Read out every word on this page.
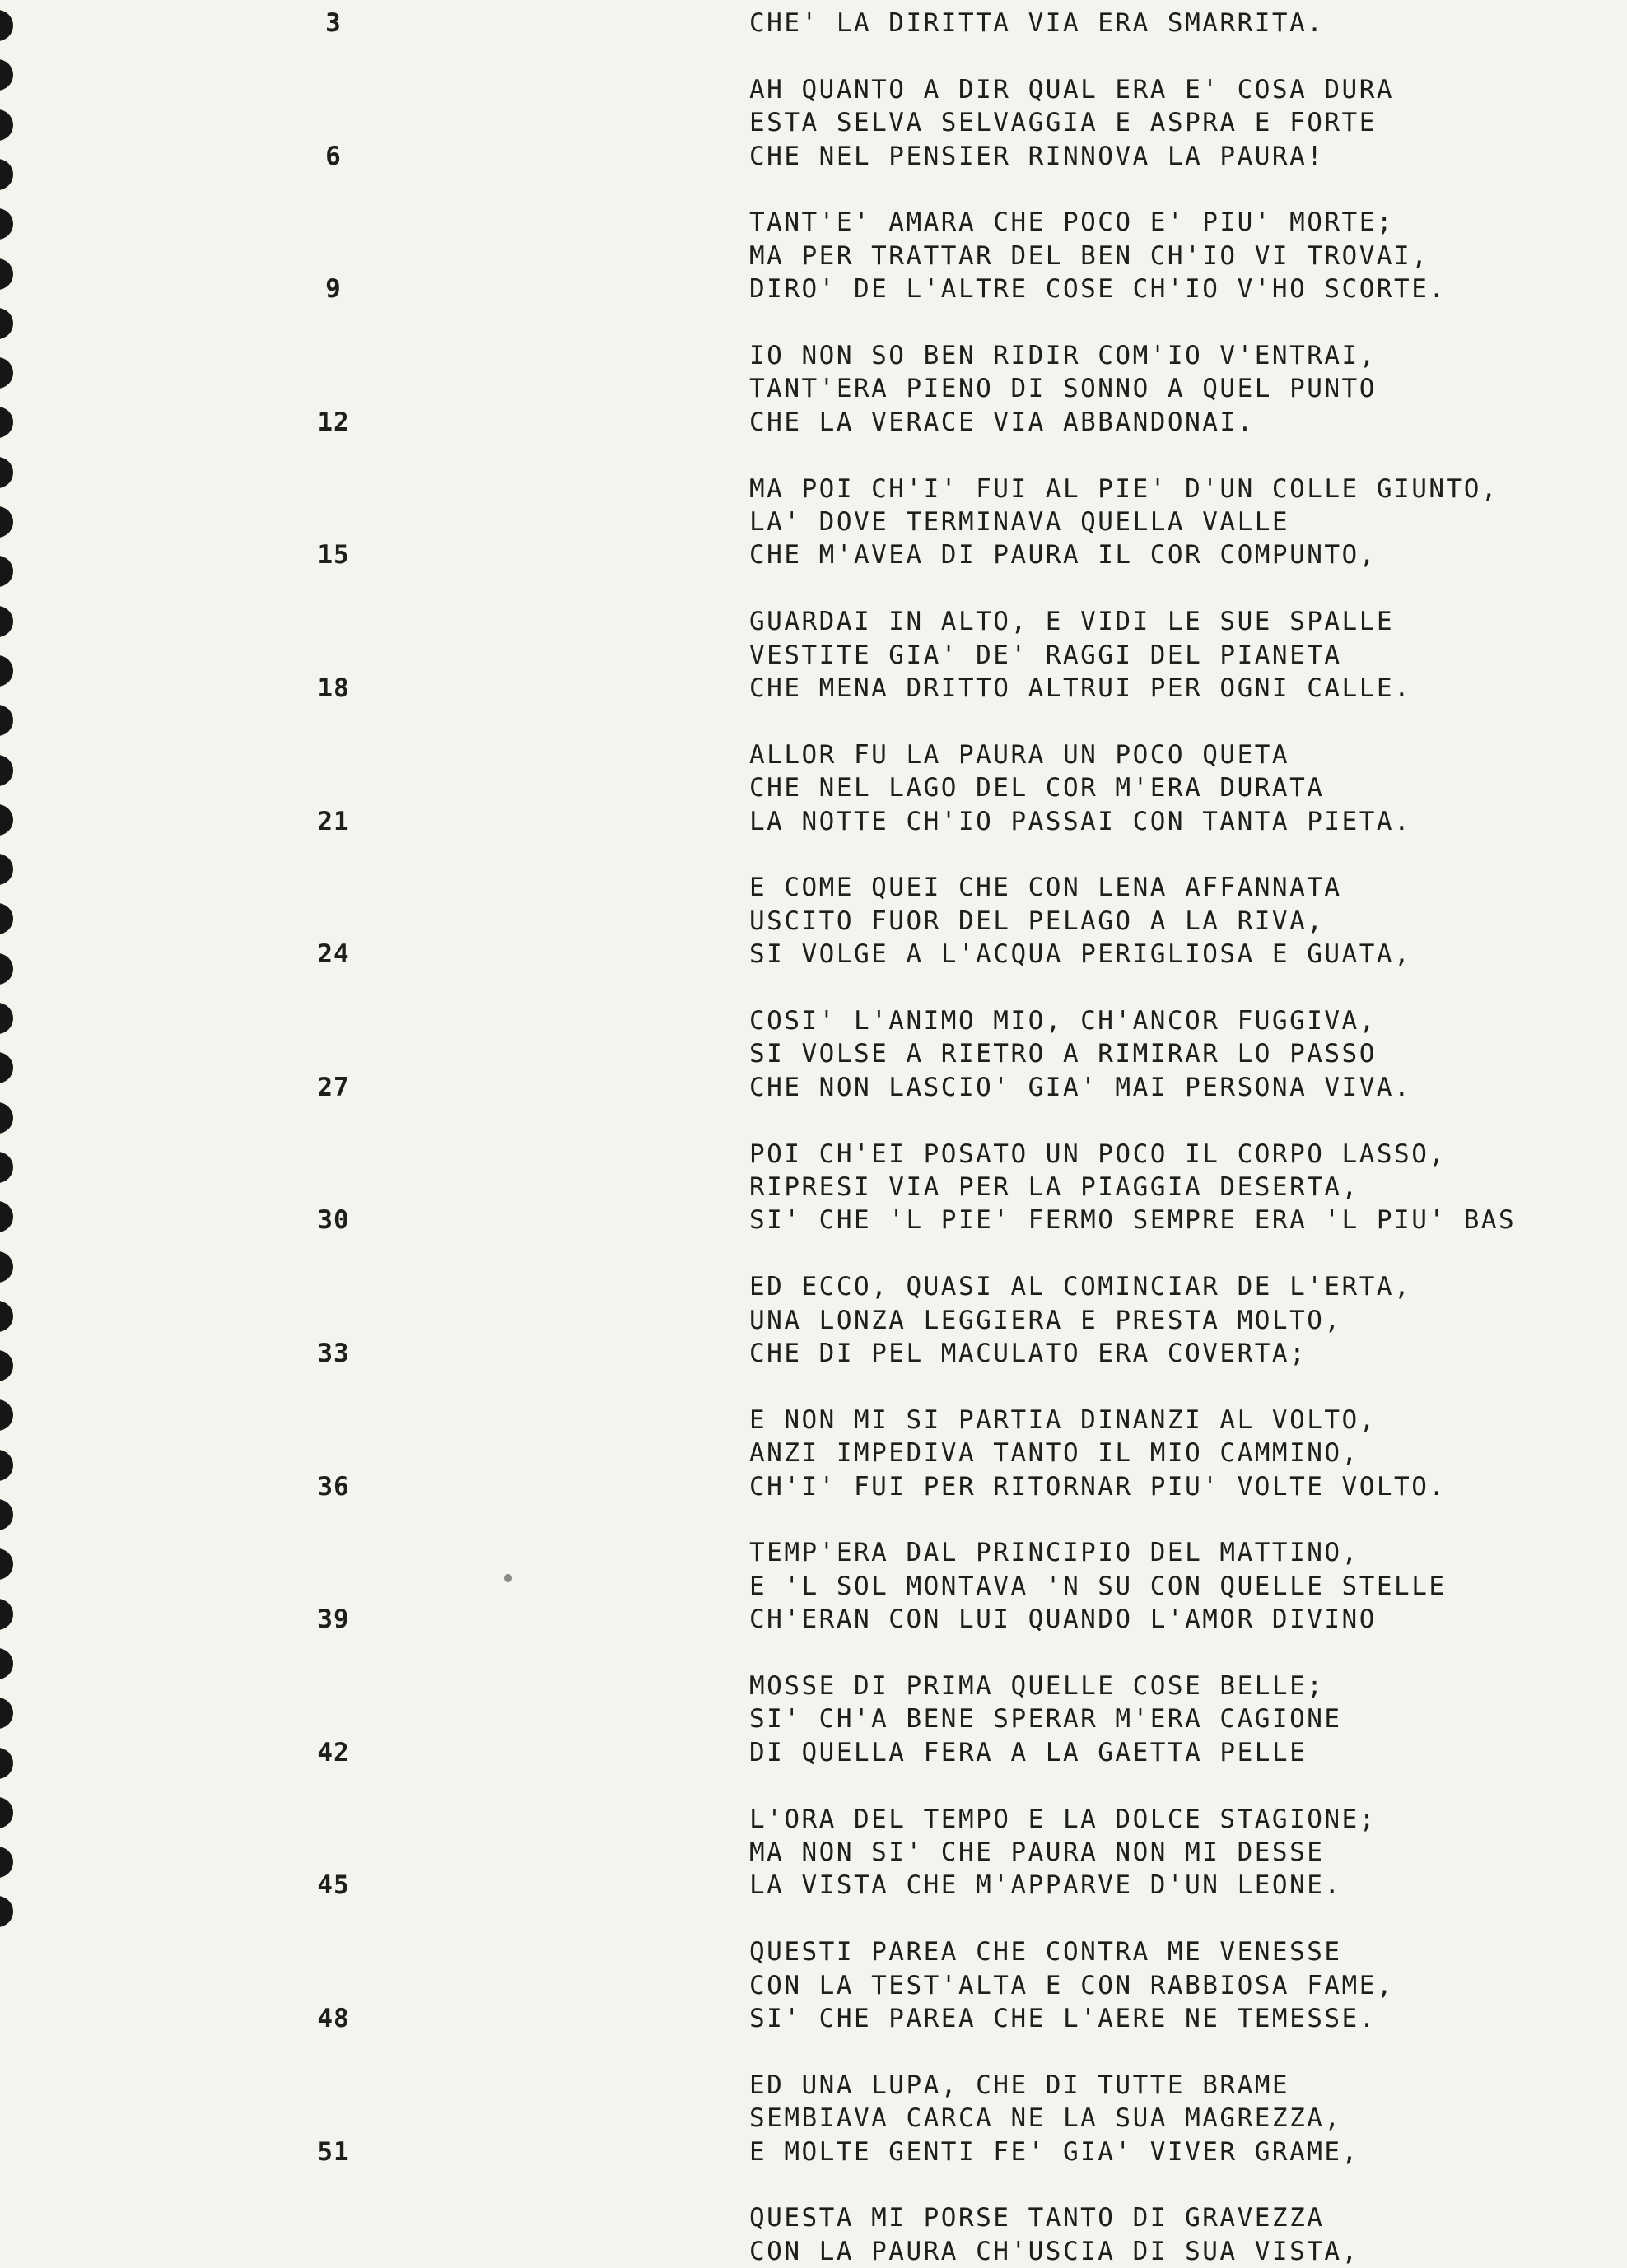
3
6
9
12
15
18
21
24
27
30
33
36
39
42
45
48
51
CHE' LA DIRITTA VIA ERA SMARRITA.
AH QUANTO A DIR QUAL ERA E' COSA DURA
ESTA SELVA SELVAGGIA E ASPRA E FORTE
CHE NEL PENSIER RINNOVA LA PAURA!
TANT'E' AMARA CHE POCO E' PIU' MORTE;
MA PER TRATTAR DEL BEN CH'IO VI TROVAI,
DIRO' DE L'ALTRE COSE CH'IO V'HO SCORTE.
IO NON SO BEN RIDIR COM'IO V'ENTRAI,
TANT'ERA PIENO DI SONNO A QUEL PUNTO
CHE LA VERACE VIA ABBANDONAI.
MA POI CH'I' FUI AL PIE' D'UN COLLE GIUNTO,
LA' DOVE TERMINAVA QUELLA VALLE
CHE M'AVEA DI PAURA IL COR COMPUNTO,
GUARDAI IN ALTO, E VIDI LE SUE SPALLE
VESTITE GIA' DE' RAGGI DEL PIANETA
CHE MENA DRITTO ALTRUI PER OGNI CALLE.
ALLOR FU LA PAURA UN POCO QUETA
CHE NEL LAGO DEL COR M'ERA DURATA
LA NOTTE CH'IO PASSAI CON TANTA PIETA.
E COME QUEI CHE CON LENA AFFANNATA
USCITO FUOR DEL PELAGO A LA RIVA,
SI VOLGE A L'ACQUA PERIGLIOSA E GUATA,
COSI' L'ANIMO MIO, CH'ANCOR FUGGIVA,
SI VOLSE A RIETRO A RIMIRAR LO PASSO
CHE NON LASCIO' GIA' MAI PERSONA VIVA.
POI CH'EI POSATO UN POCO IL CORPO LASSO,
RIPRESI VIA PER LA PIAGGIA DESERTA,
SI' CHE 'L PIE' FERMO SEMPRE ERA 'L PIU' BAS
ED ECCO, QUASI AL COMINCIAR DE L'ERTA,
UNA LONZA LEGGIERA E PRESTA MOLTO,
CHE DI PEL MACULATO ERA COVERTA;
E NON MI SI PARTIA DINANZI AL VOLTO,
ANZI IMPEDIVA TANTO IL MIO CAMMINO,
CH'I' FUI PER RITORNAR PIU' VOLTE VOLTO.
TEMP'ERA DAL PRINCIPIO DEL MATTINO,
E 'L SOL MONTAVA 'N SU CON QUELLE STELLE
CH'ERAN CON LUI QUANDO L'AMOR DIVINO
MOSSE DI PRIMA QUELLE COSE BELLE;
SI' CH'A BENE SPERAR M'ERA CAGIONE
DI QUELLA FERA A LA GAETTA PELLE
L'ORA DEL TEMPO E LA DOLCE STAGIONE;
MA NON SI' CHE PAURA NON MI DESSE
LA VISTA CHE M'APPARVE D'UN LEONE.
QUESTI PAREA CHE CONTRA ME VENESSE
CON LA TEST'ALTA E CON RABBIOSA FAME,
SI' CHE PAREA CHE L'AERE NE TEMESSE.
ED UNA LUPA, CHE DI TUTTE BRAME
SEMBIAVA CARCA NE LA SUA MAGREZZA,
E MOLTE GENTI FE' GIA' VIVER GRAME,
QUESTA MI PORSE TANTO DI GRAVEZZA
CON LA PAURA CH'USCIA DI SUA VISTA,
